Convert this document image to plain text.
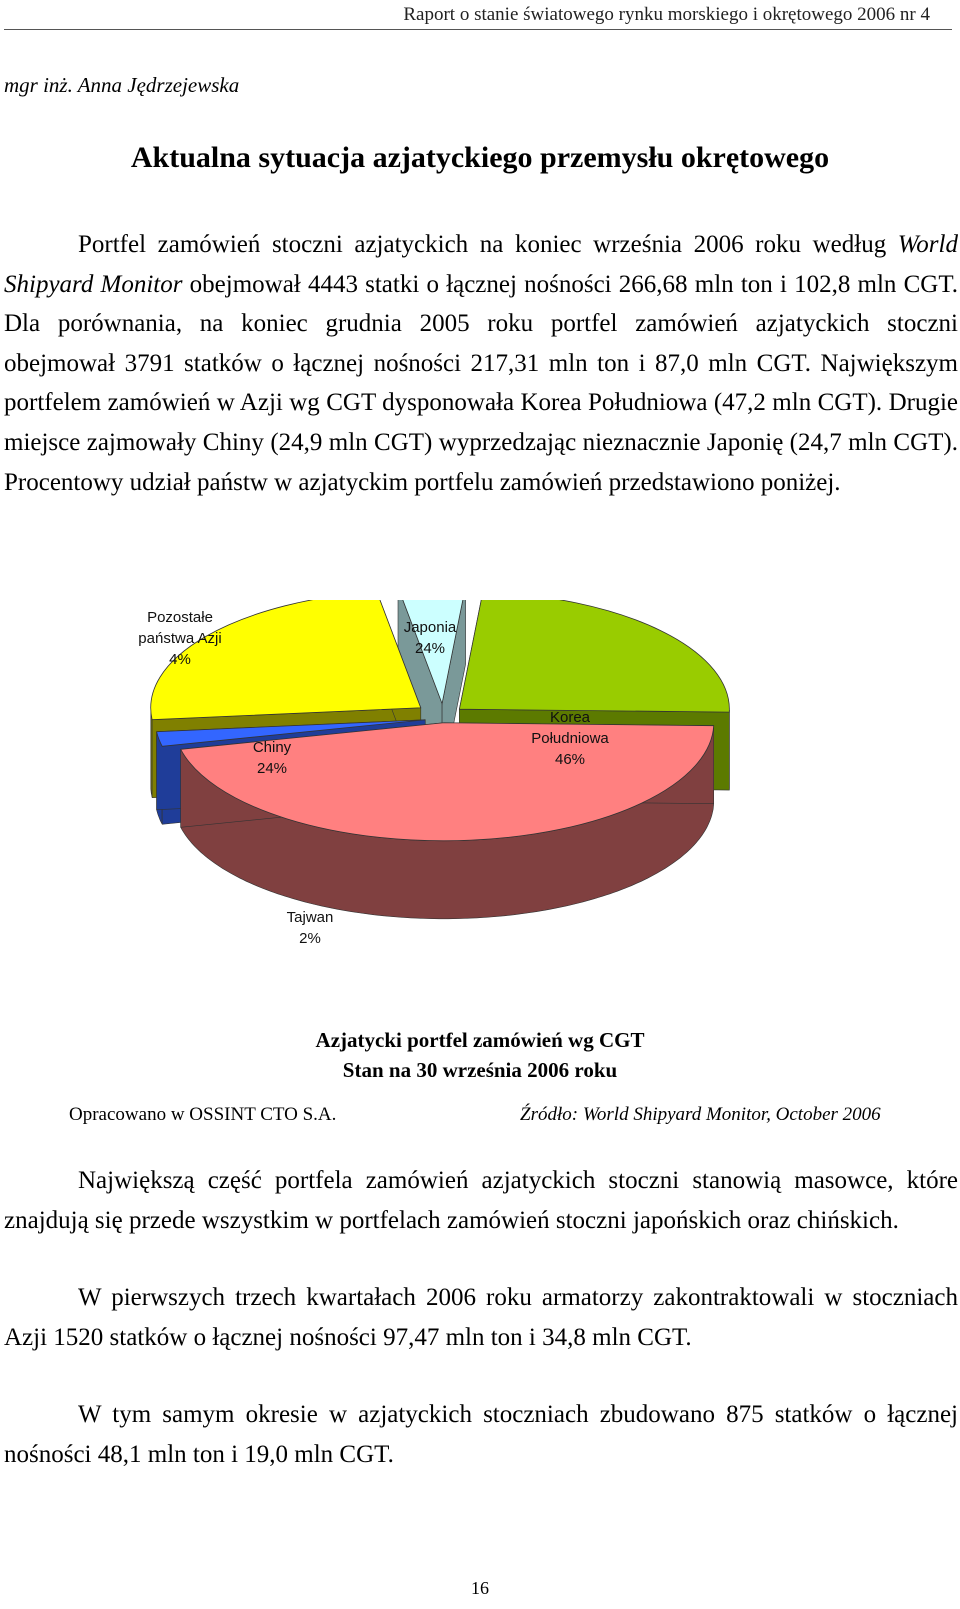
Raport o stanie światowego rynku morskiego i okrętowego 2006 nr 4
mgr inż. Anna Jędrzejewska
Aktualna sytuacja azjatyckiego przemysłu okrętowego

Portfel zamówień stoczni azjatyckich na koniec września 2006 roku według World Shipyard Monitor obejmował 4443 statki o łącznej nośności 266,68 mln ton i 102,8 mln CGT. Dla porównania, na koniec grudnia 2005 roku portfel zamówień azjatyckich stoczni obejmował 3791 statków o łącznej nośności 217,31 mln ton i 87,0 mln CGT. Największym portfelem zamówień w Azji wg CGT dysponowała Korea Południowa (47,2 mln CGT). Drugie miejsce zajmowały Chiny (24,9 mln CGT) wyprzedzając nieznacznie Japonię (24,7 mln CGT). Procentowy udział państw w azjatyckim portfelu zamówień przedstawiono poniżej.

Japonia 24%
Korea Południowa 46%
Tajwan 2%
Chiny 24%
Pozostałe państwa Azji 4%
Azjatycki portfel zamówień wg CGT
Stan na 30 września 2006 roku
Opracowano w OSSINT CTO S.A.	Źródło: World Shipyard Monitor, October 2006

Największą część portfela zamówień azjatyckich stoczni stanowią masowce, które znajdują się przede wszystkim w portfelach zamówień stoczni japońskich oraz chińskich.

W pierwszych trzech kwartałach 2006 roku armatorzy zakontraktowali w stoczniach Azji 1520 statków o łącznej nośności 97,47 mln ton i 34,8 mln CGT.

W tym samym okresie w azjatyckich stoczniach zbudowano 875 statków o łącznej nośności 48,1 mln ton i 19,0 mln CGT.

16
